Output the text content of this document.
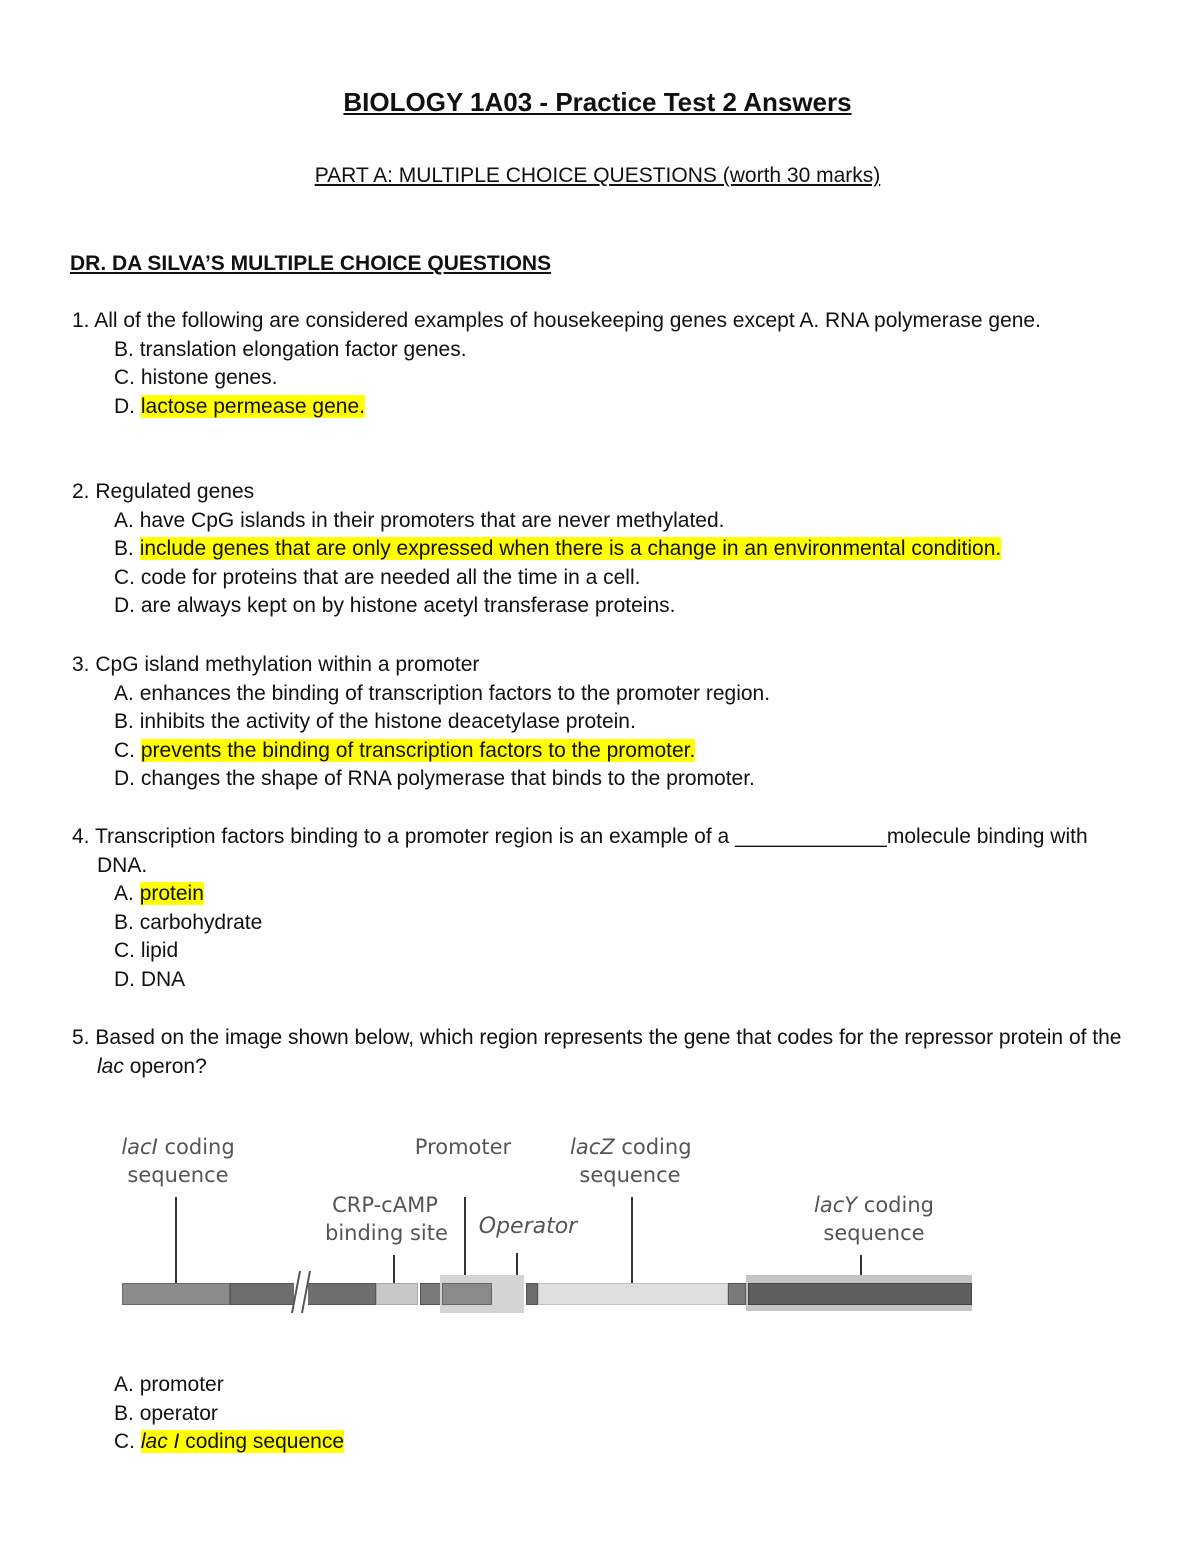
BIOLOGY 1A03 - Practice Test 2 Answers
PART A: MULTIPLE CHOICE QUESTIONS (worth 30 marks)
DR. DA SILVA’S MULTIPLE CHOICE QUESTIONS
1. All of the following are considered examples of housekeeping genes except A. RNA polymerase gene.
B. translation elongation factor genes.
C. histone genes.
D. lactose permease gene.
2. Regulated genes
A. have CpG islands in their promoters that are never methylated.
B. include genes that are only expressed when there is a change in an environmental condition.
C. code for proteins that are needed all the time in a cell.
D. are always kept on by histone acetyl transferase proteins.
3. CpG island methylation within a promoter
A. enhances the binding of transcription factors to the promoter region.
B. inhibits the activity of the histone deacetylase protein.
C. prevents the binding of transcription factors to the promoter.
D. changes the shape of RNA polymerase that binds to the promoter.
4. Transcription factors binding to a promoter region is an example of a _____________molecule binding with DNA.
A. protein
B. carbohydrate
C. lipid
D. DNA
5. Based on the image shown below, which region represents the gene that codes for the repressor protein of the lac operon?
lacI coding
sequence
Promoter	lacZ coding
sequence
CRP-cAMP
binding site	Operator
lacY coding
sequence
A. promoter
B. operator
C. lac I coding sequence
